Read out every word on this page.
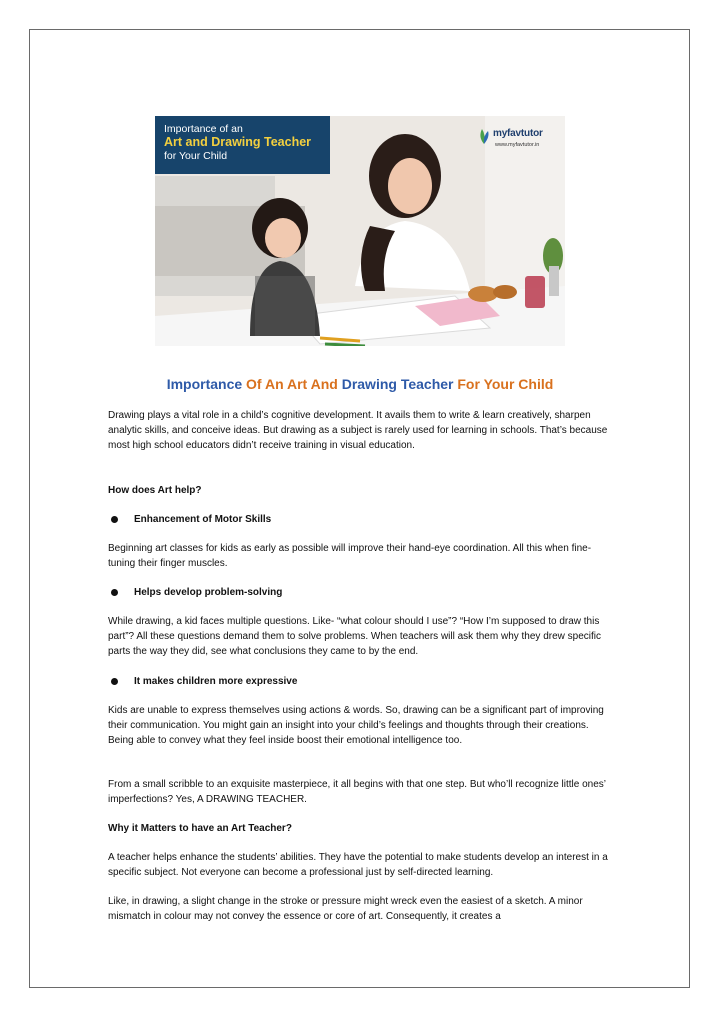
Importance of an
Art and Drawing Teacher
for Your Child
myfavtutor
www.myfavtutor.in
Importance Of An Art And Drawing Teacher For Your Child

Drawing plays a vital role in a child’s cognitive development. It avails them to write & learn creatively, sharpen analytic skills, and conceive ideas. But drawing as a subject is rarely used for learning in schools. That’s because most high school educators didn’t receive training in visual education.

How does Art help?

Enhancement of Motor Skills

Beginning art classes for kids as early as possible will improve their hand-eye coordination. All this when fine-tuning their finger muscles.

Helps develop problem-solving

While drawing, a kid faces multiple questions. Like- “what colour should I use”? “How I’m supposed to draw this part”? All these questions demand them to solve problems. When teachers will ask them why they drew specific parts the way they did, see what conclusions they came to by the end.

It makes children more expressive

Kids are unable to express themselves using actions & words. So, drawing can be a significant part of improving their communication. You might gain an insight into your child’s feelings and thoughts through their creations. Being able to convey what they feel inside boost their emotional intelligence too.

From a small scribble to an exquisite masterpiece, it all begins with that one step. But who’ll recognize little ones’ imperfections? Yes, A DRAWING TEACHER.

Why it Matters to have an Art Teacher?

A teacher helps enhance the students’ abilities. They have the potential to make students develop an interest in a specific subject. Not everyone can become a professional just by self-directed learning.

Like, in drawing, a slight change in the stroke or pressure might wreck even the easiest of a sketch. A minor mismatch in colour may not convey the essence or core of art. Consequently, it creates a
